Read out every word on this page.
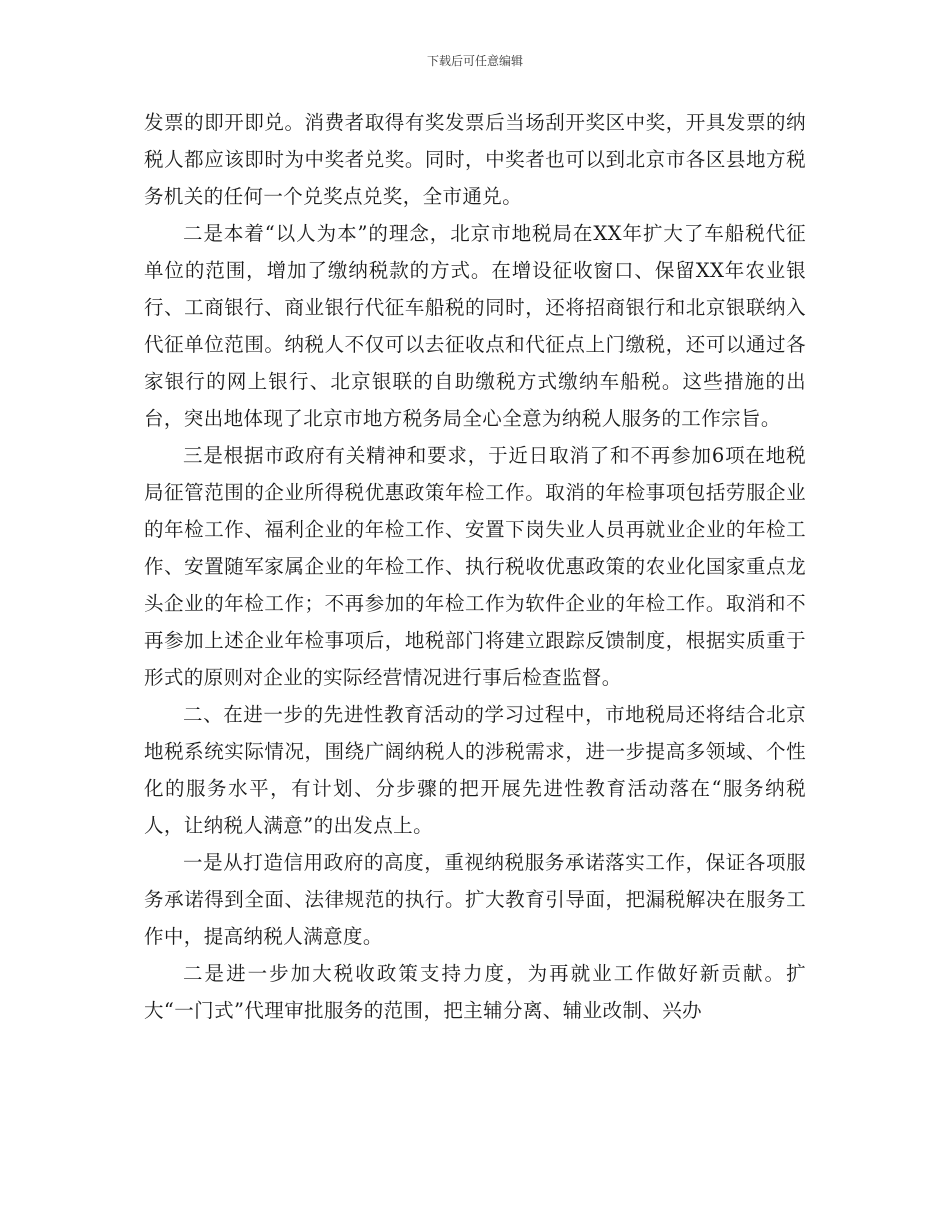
下载后可任意编辑

发票的即开即兑。消费者取得有奖发票后当场刮开奖区中奖，开具发票的纳税人都应该即时为中奖者兑奖。同时，中奖者也可以到北京市各区县地方税务机关的任何一个兑奖点兑奖，全市通兑。

二是本着“以人为本”的理念，北京市地税局在XX年扩大了车船税代征单位的范围，增加了缴纳税款的方式。在增设征收窗口、保留XX年农业银行、工商银行、商业银行代征车船税的同时，还将招商银行和北京银联纳入代征单位范围。纳税人不仅可以去征收点和代征点上门缴税，还可以通过各家银行的网上银行、北京银联的自助缴税方式缴纳车船税。这些措施的出台，突出地体现了北京市地方税务局全心全意为纳税人服务的工作宗旨。

三是根据市政府有关精神和要求，于近日取消了和不再参加6项在地税局征管范围的企业所得税优惠政策年检工作。取消的年检事项包括劳服企业的年检工作、福利企业的年检工作、安置下岗失业人员再就业企业的年检工作、安置随军家属企业的年检工作、执行税收优惠政策的农业化国家重点龙头企业的年检工作；不再参加的年检工作为软件企业的年检工作。取消和不再参加上述企业年检事项后，地税部门将建立跟踪反馈制度，根据实质重于形式的原则对企业的实际经营情况进行事后检查监督。

二、在进一步的先进性教育活动的学习过程中，市地税局还将结合北京地税系统实际情况，围绕广阔纳税人的涉税需求，进一步提高多领域、个性化的服务水平，有计划、分步骤的把开展先进性教育活动落在“服务纳税人，让纳税人满意”的出发点上。

一是从打造信用政府的高度，重视纳税服务承诺落实工作，保证各项服务承诺得到全面、法律规范的执行。扩大教育引导面，把漏税解决在服务工作中，提高纳税人满意度。

二是进一步加大税收政策支持力度，为再就业工作做好新贡献。扩大“一门式”代理审批服务的范围，把主辅分离、辅业改制、兴办
